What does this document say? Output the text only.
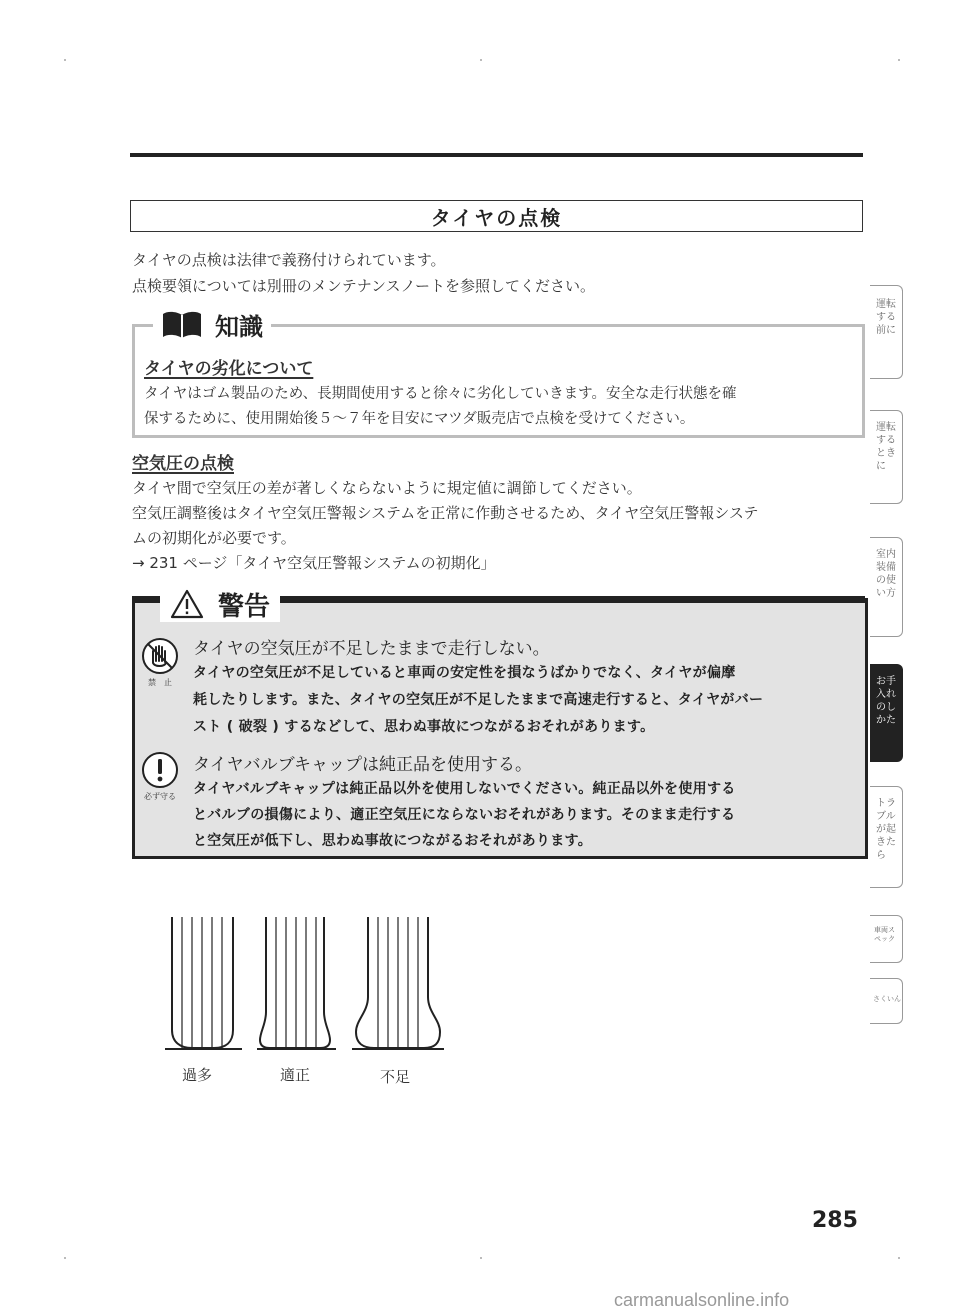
タイヤの点検
タイヤの点検は法律で義務付けられています。
点検要領については別冊のメンテナンスノートを参照してください。
知識
タイヤの劣化について
タイヤはゴム製品のため、長期間使用すると徐々に劣化していきます。安全な走行状態を確
保するために、使用開始後５〜７年を目安にマツダ販売店で点検を受けてください。
空気圧の点検
タイヤ間で空気圧の差が著しくならないように規定値に調節してください。
空気圧調整後はタイヤ空気圧警報システムを正常に作動させるため、タイヤ空気圧警報システ
ムの初期化が必要です。
→ 231 ページ「タイヤ空気圧警報システムの初期化」
警告
禁　止
タイヤの空気圧が不足したままで走行しない。
タイヤの空気圧が不足していると車両の安定性を損なうばかりでなく、タイヤが偏摩
耗したりします。また、タイヤの空気圧が不足したままで高速走行すると、タイヤがバー
スト ( 破裂 ) するなどして、思わぬ事故につながるおそれがあります。
必ず守る
タイヤバルブキャップは純正品を使用する。
タイヤバルブキャップは純正品以外を使用しないでください。純正品以外を使用する
とバルブの損傷により、適正空気圧にならないおそれがあります。そのまま走行する
と空気圧が低下し、思わぬ事故につながるおそれがあります。
過多	適正	不足
運転する前に
運転するときに
室内装備の使い方
お手入れのしかた
トラブルが起きたら
車両スペック
さくいん
285
carmanualsonline.info
